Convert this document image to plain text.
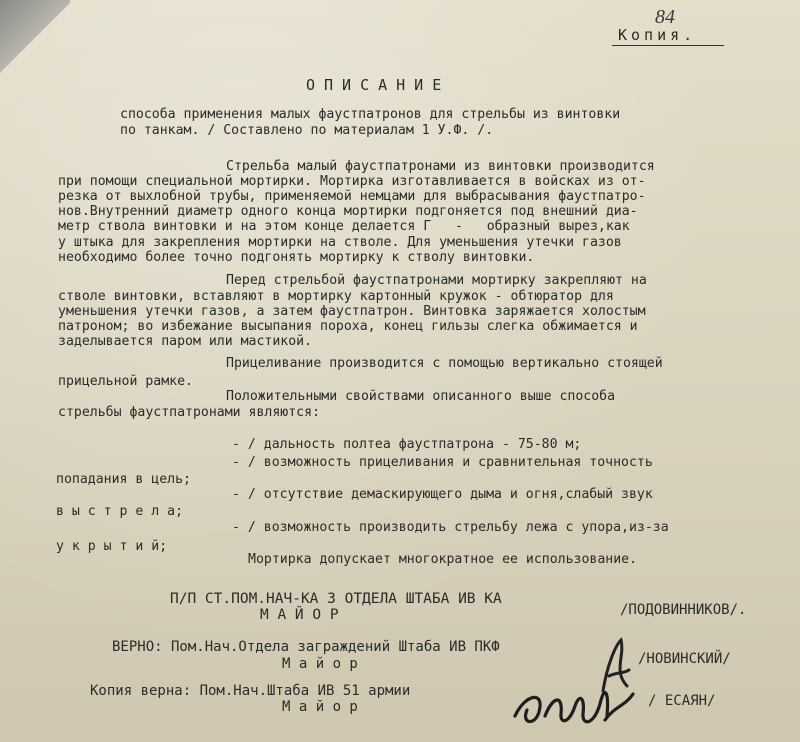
84
Копия.
ОПИСАНИЕ
способа применения малых фаустпатронов для стрельбы из винтовки
по танкам. / Составлено по материалам 1 У.Ф. /.
Стрельба малый фаустпатронами из винтовки производится
при помощи специальной мортирки. Мортирка изготавливается в войсках из от-
резка от выхлобной трубы, применяемой немцами для выбрасывания фаустпатро-
нов.Внутренний диаметр одного конца мортирки подгоняется под внешний диа-
метр ствола винтовки и на этом конце делается Г   -   образный вырез,как
у штыка для закрепления мортирки на стволе. Для уменьшения утечки газов
необходимо более точно подгонять мортирку к стволу винтовки.
Перед стрельбой фаустпатронами мортирку закрепляют на
стволе винтовки, вставляют в мортирку картонный кружок - обтюратор для
уменьшения утечки газов, а затем фаустпатрон. Винтовка заряжается холостым
патроном; во избежание высыпания пороха, конец гильзы слегка обжимается и
заделывается паром или мастикой.
Прицеливание производится с помощью вертикально стоящей
прицельной рамке.
Положительными свойствами описанного выше способа
стрельбы фаустпатронами являются:
- / дальность полтеа фаустпатрона - 75-80 м;
- / возможность прицеливания и сравнительная точность
попадания в цель;
- / отсутствие демаскирующего дыма и огня,слабый звук
в ы с т р е л а;
- / возможность производить стрельбу лежа с упора,из-за
у к р ы т и й;
Мортирка допускает многократное ее использование.
П/П СТ.ПОМ.НАЧ-КА 3 ОТДЕЛА ШТАБА ИВ КА
М А Й О Р	/ПОДОВИННИКОВ/.
ВЕРНО: Пом.Нач.Отдела заграждений Штаба ИВ ПКФ
М а й о р	/НОВИНСКИЙ/
Копия верна: Пом.Нач.Штаба ИВ 51 армии
М а й о р	/ ЕСАЯН/
